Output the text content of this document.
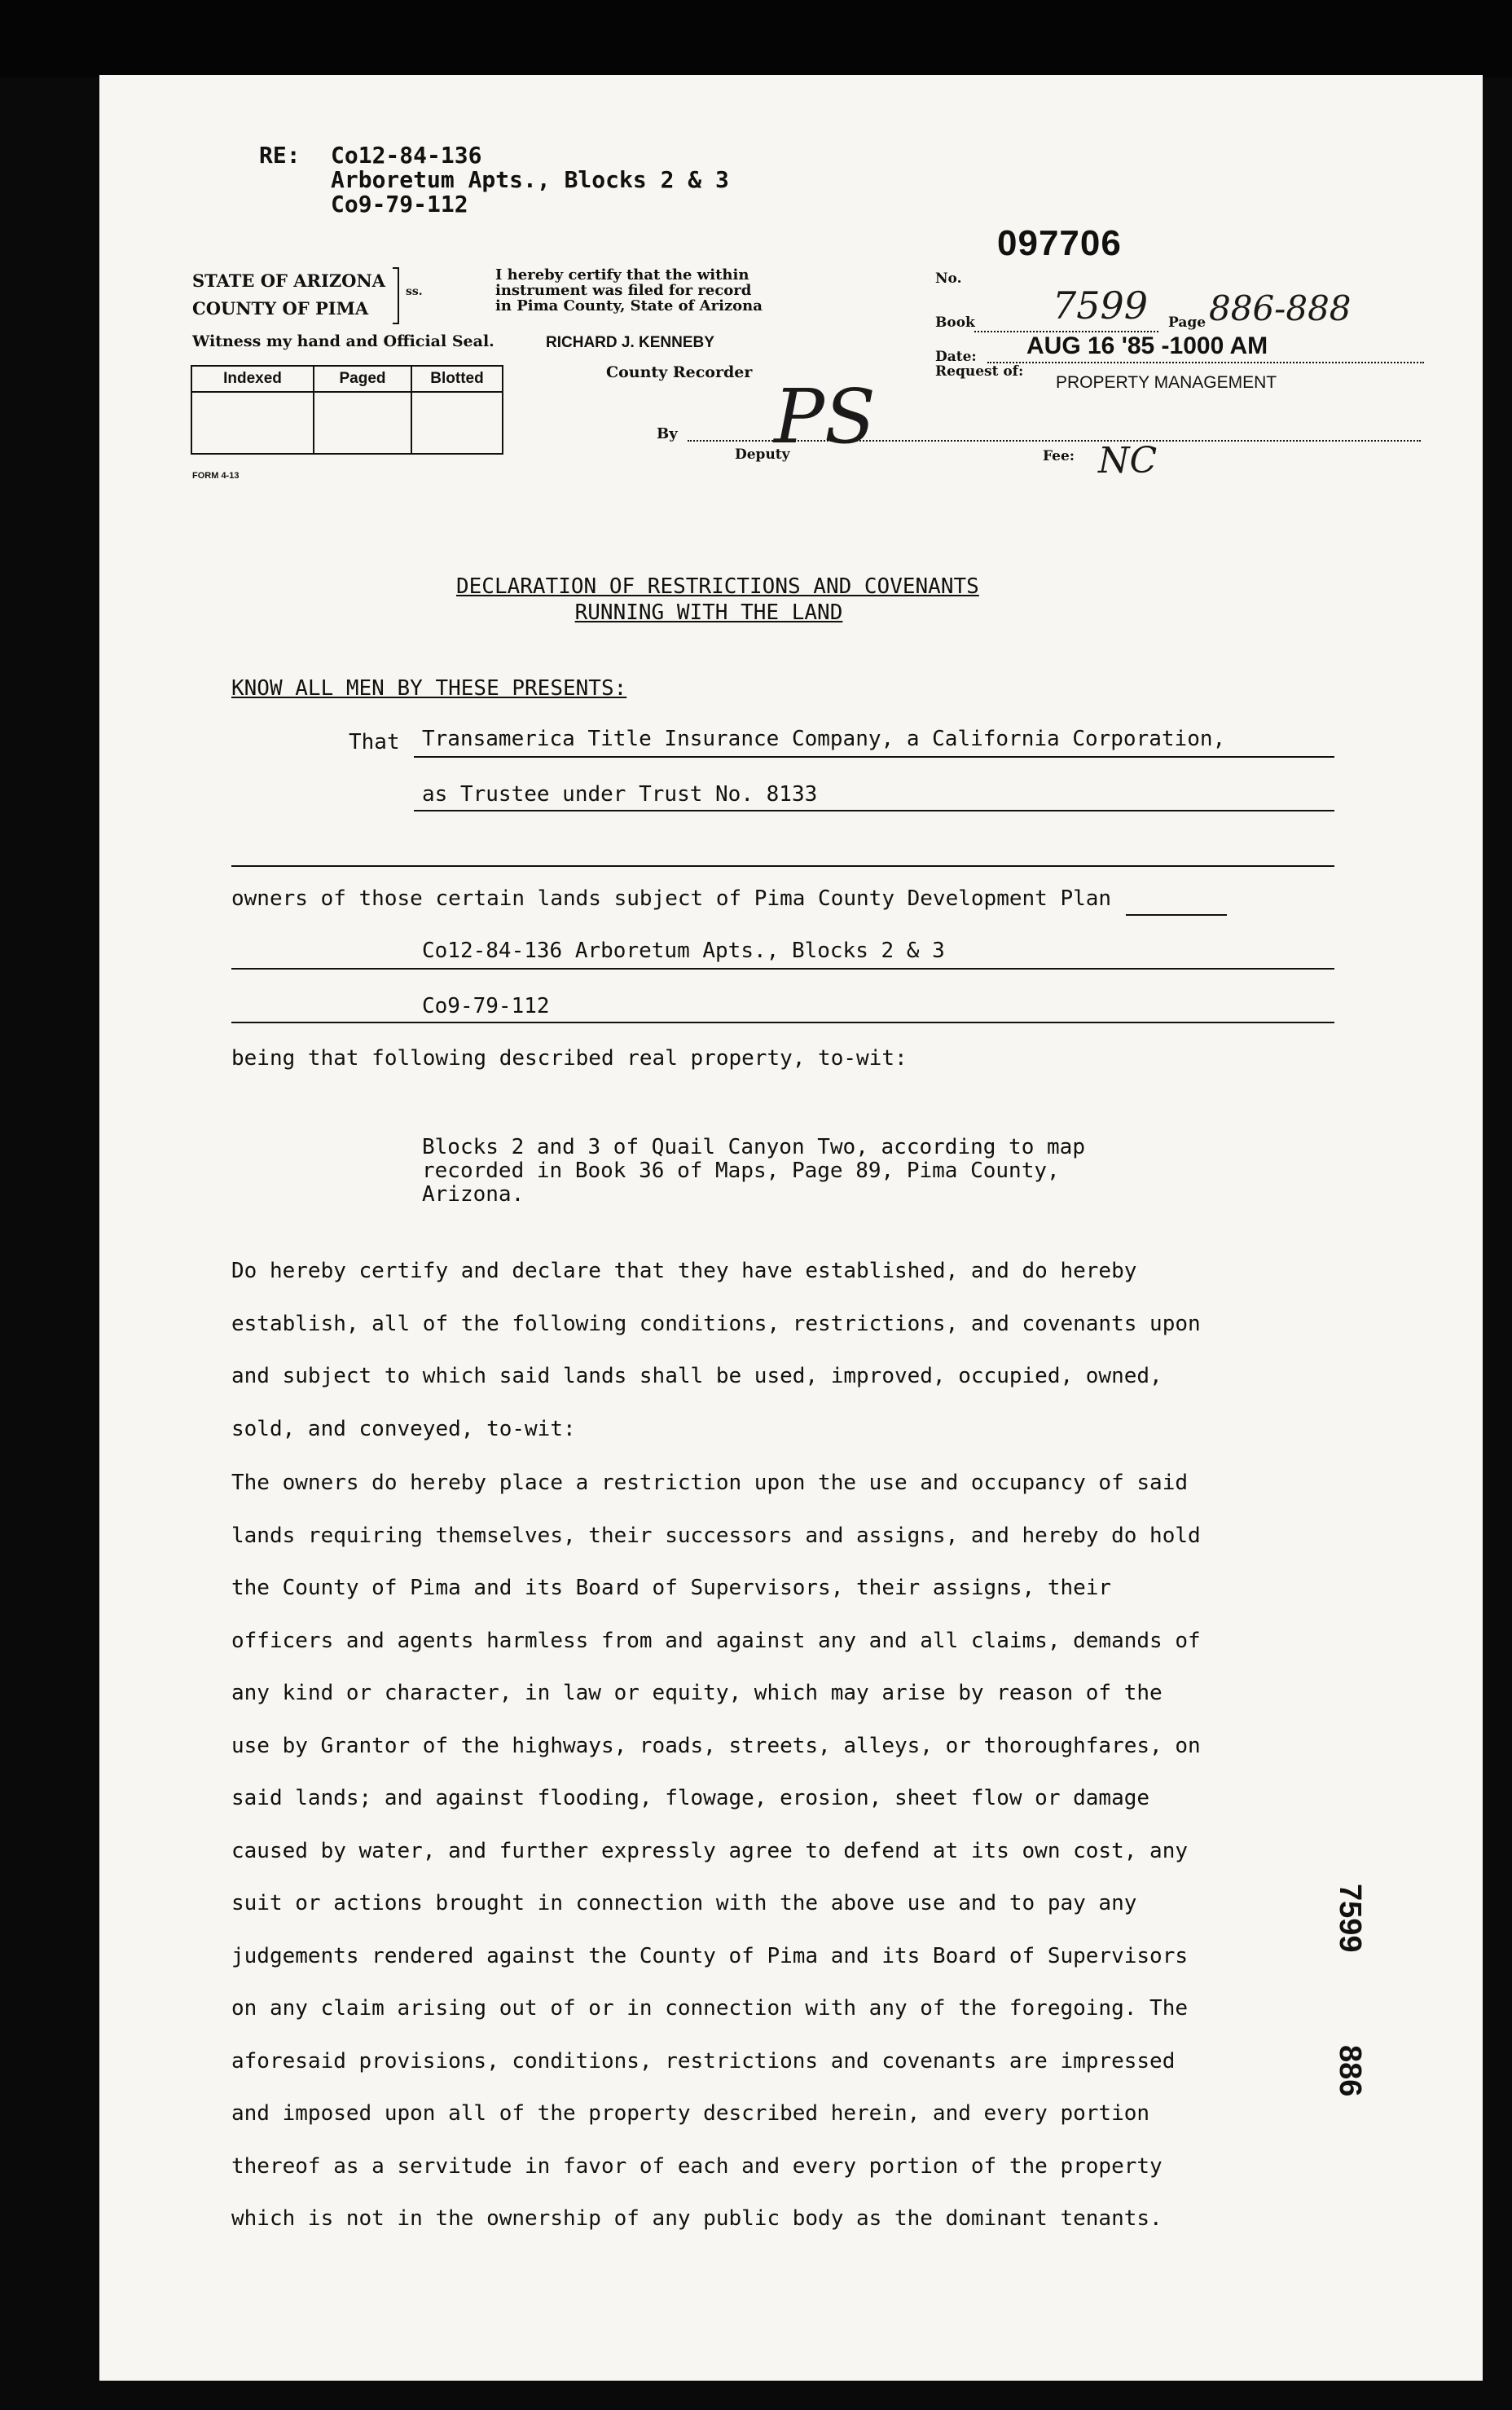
RE: Co12-84-136
Arboretum Apts., Blocks 2 & 3
Co9-79-112
STATE OF ARIZONA
COUNTY OF PIMA
ss.
Witness my hand and Official Seal.
Indexed	Paged	Blotted

FORM 4-13
I hereby certify that the within
instrument was filed for record
in Pima County, State of Arizona
RICHARD J. KENNEBY
County Recorder
By
Deputy
PS
No.
097706
Book 7599 Page 886-888
Date: AUG 16 '85 -1000 AM
Request of:
PROPERTY MANAGEMENT
Fee: NC
DECLARATION OF RESTRICTIONS AND COVENANTS
RUNNING WITH THE LAND
KNOW ALL MEN BY THESE PRESENTS:
That Transamerica Title Insurance Company, a California Corporation,
as Trustee under Trust No. 8133
owners of those certain lands subject of Pima County Development Plan
Co12-84-136 Arboretum Apts., Blocks 2 & 3
Co9-79-112
being that following described real property, to-wit:
Blocks 2 and 3 of Quail Canyon Two, according to map
recorded in Book 36 of Maps, Page 89, Pima County,
Arizona.
Do hereby certify and declare that they have established, and do hereby
establish, all of the following conditions, restrictions, and covenants upon
and subject to which said lands shall be used, improved, occupied, owned,
sold, and conveyed, to-wit:
The owners do hereby place a restriction upon the use and occupancy of said
lands requiring themselves, their successors and assigns, and hereby do hold
the County of Pima and its Board of Supervisors, their assigns, their
officers and agents harmless from and against any and all claims, demands of
any kind or character, in law or equity, which may arise by reason of the
use by Grantor of the highways, roads, streets, alleys, or thoroughfares, on
said lands; and against flooding, flowage, erosion, sheet flow or damage
caused by water, and further expressly agree to defend at its own cost, any
suit or actions brought in connection with the above use and to pay any
judgements rendered against the County of Pima and its Board of Supervisors
on any claim arising out of or in connection with any of the foregoing. The
aforesaid provisions, conditions, restrictions and covenants are impressed
and imposed upon all of the property described herein, and every portion
thereof as a servitude in favor of each and every portion of the property
which is not in the ownership of any public body as the dominant tenants.
7599
886
